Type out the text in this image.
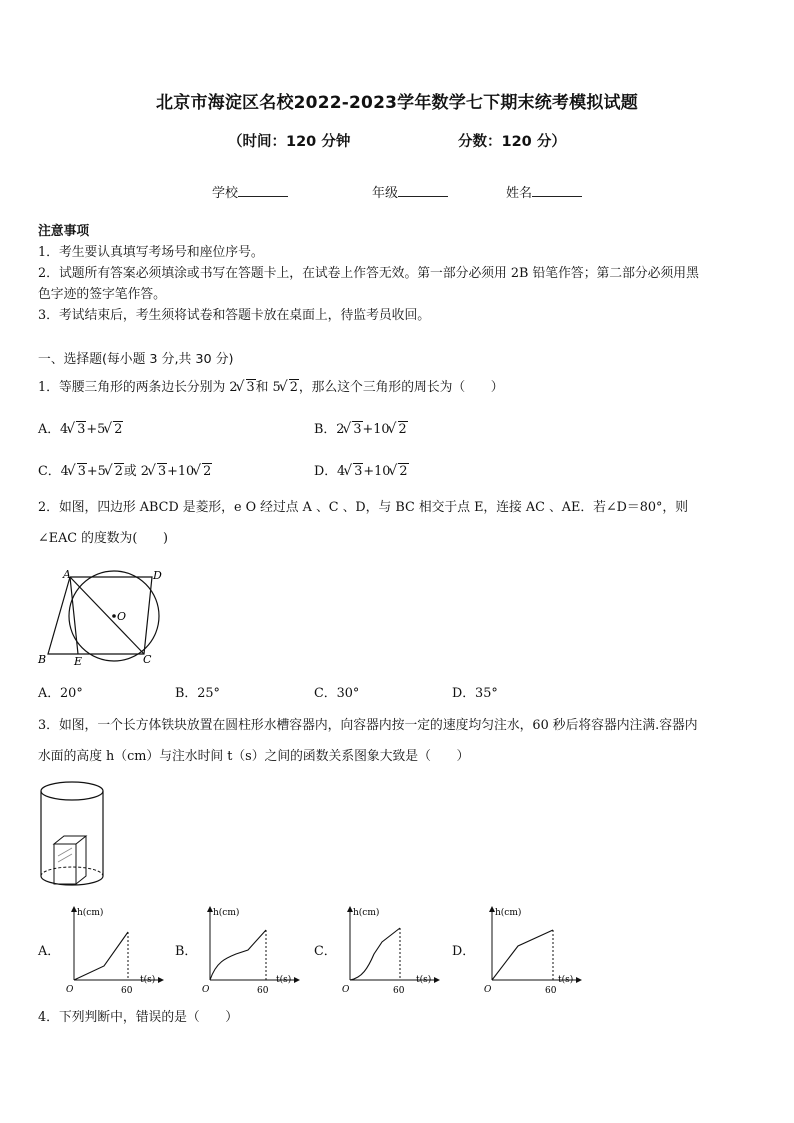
北京市海淀区名校2022-2023学年数学七下期末统考模拟试题
（时间：120 分钟	分数：120 分）
学校	年级	姓名
注意事项
1．考生要认真填写考场号和座位序号。
2．试题所有答案必须填涂或书写在答题卡上，在试卷上作答无效。第一部分必须用 2B 铅笔作答；第二部分必须用黑
色字迹的签字笔作答。
3．考试结束后，考生须将试卷和答题卡放在桌面上，待监考员收回。
一、选择题(每小题 3 分,共 30 分)
1．等腰三角形的两条边长分别为 2 √ 3和 5 √ 2，那么这个三角形的周长为（　　）
A．4 √ 3+5 √ 2	B．2 √ 3+10 √ 2
C．4 √ 3+5 √ 2或 2 √ 3+10 √ 2	D．4 √ 3+10 √ 2
2．如图，四边形 ABCD 是菱形，e O 经过点 A 、C 、D，与 BC 相交于点 E，连接 AC 、AE．若∠D＝80°，则
∠EAC 的度数为(　　)
A	D
O
B	E	C
A．20°	B．25°	C．30°	D．35°
3．如图，一个长方体铁块放置在圆柱形水槽容器内，向容器内按一定的速度均匀注水，60 秒后将容器内注满.容器内
水面的高度 h（cm）与注水时间 t（s）之间的函数关系图象大致是（　　）
A．	B．	C．	D．
h(cm)
t(s)
O	60
h(cm)
t(s)
O	60
h(cm)
t(s)
O	60
h(cm)
t(s)
O	60
4．下列判断中，错误的是（　　）
